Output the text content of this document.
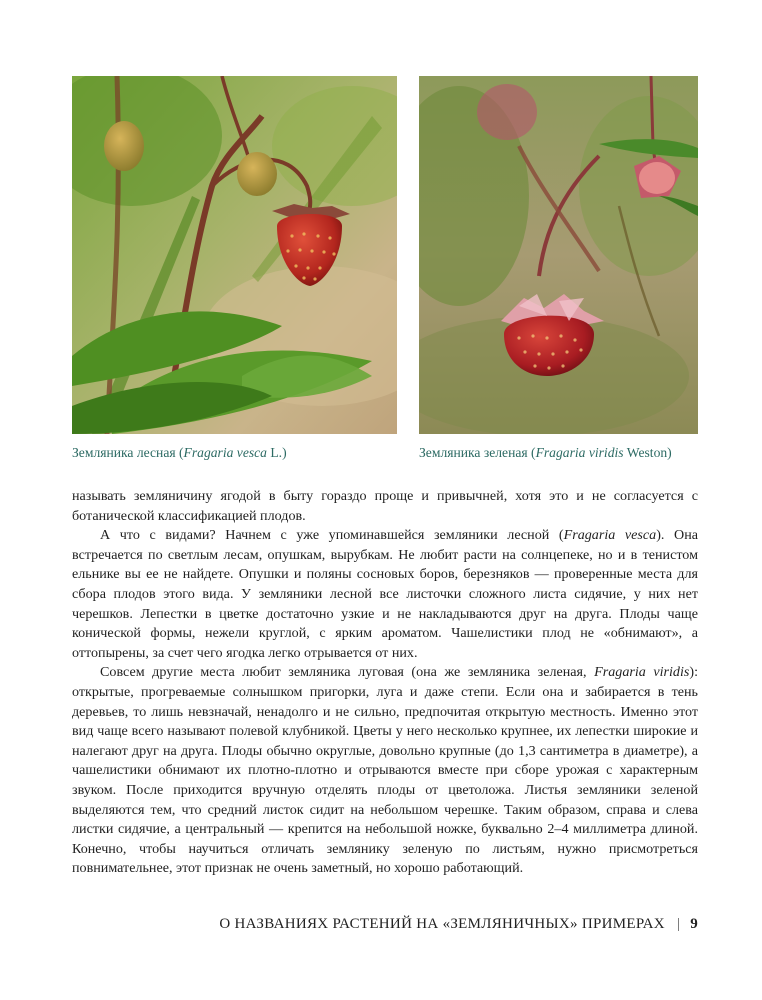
Земляника лесная (Fragaria vesca L.)	Земляника зеленая (Fragaria viridis Weston)

называть земляничину ягодой в быту гораздо проще и привычней, хотя это и не согласуется с ботанической классификацией плодов.

А что с видами? Начнем с уже упоминавшейся земляники лесной (Fragaria vesca). Она встречается по светлым лесам, опушкам, вырубкам. Не любит расти на солнцепеке, но и в тенистом ельнике вы ее не найдете. Опушки и поляны сосновых боров, березняков — проверенные места для сбора плодов этого вида. У земляники лесной все листочки сложного листа сидячие, у них нет черешков. Лепестки в цветке достаточно узкие и не накладываются друг на друга. Плоды чаще конической формы, нежели круглой, с ярким ароматом. Чашелистики плод не «обнимают», а оттопырены, за счет чего ягодка легко отрывается от них.

Совсем другие места любит земляника луговая (она же земляника зеленая, Fragaria viridis): открытые, прогреваемые солнышком пригорки, луга и даже степи. Если она и забирается в тень деревьев, то лишь невзначай, ненадолго и не сильно, предпочитая открытую местность. Именно этот вид чаще всего называют полевой клубникой. Цветы у него несколько крупнее, их лепестки широкие и налегают друг на друга. Плоды обычно округлые, довольно крупные (до 1,3 сантиметра в диаметре), а чашелистики обнимают их плотно-плотно и отрываются вместе при сборе урожая с характерным звуком. После приходится вручную отделять плоды от цветоложа. Листья земляники зеленой выделяются тем, что средний листок сидит на небольшом черешке. Таким образом, справа и слева листки сидячие, а центральный — крепится на небольшой ножке, буквально 2–4 миллиметра длиной. Конечно, чтобы научиться отличать землянику зеленую по листьям, нужно присмотреться повнимательнее, этот признак не очень заметный, но хорошо работающий.

О НАЗВАНИЯХ РАСТЕНИЙ НА «ЗЕМЛЯНИЧНЫХ» ПРИМЕРАХ | 9
